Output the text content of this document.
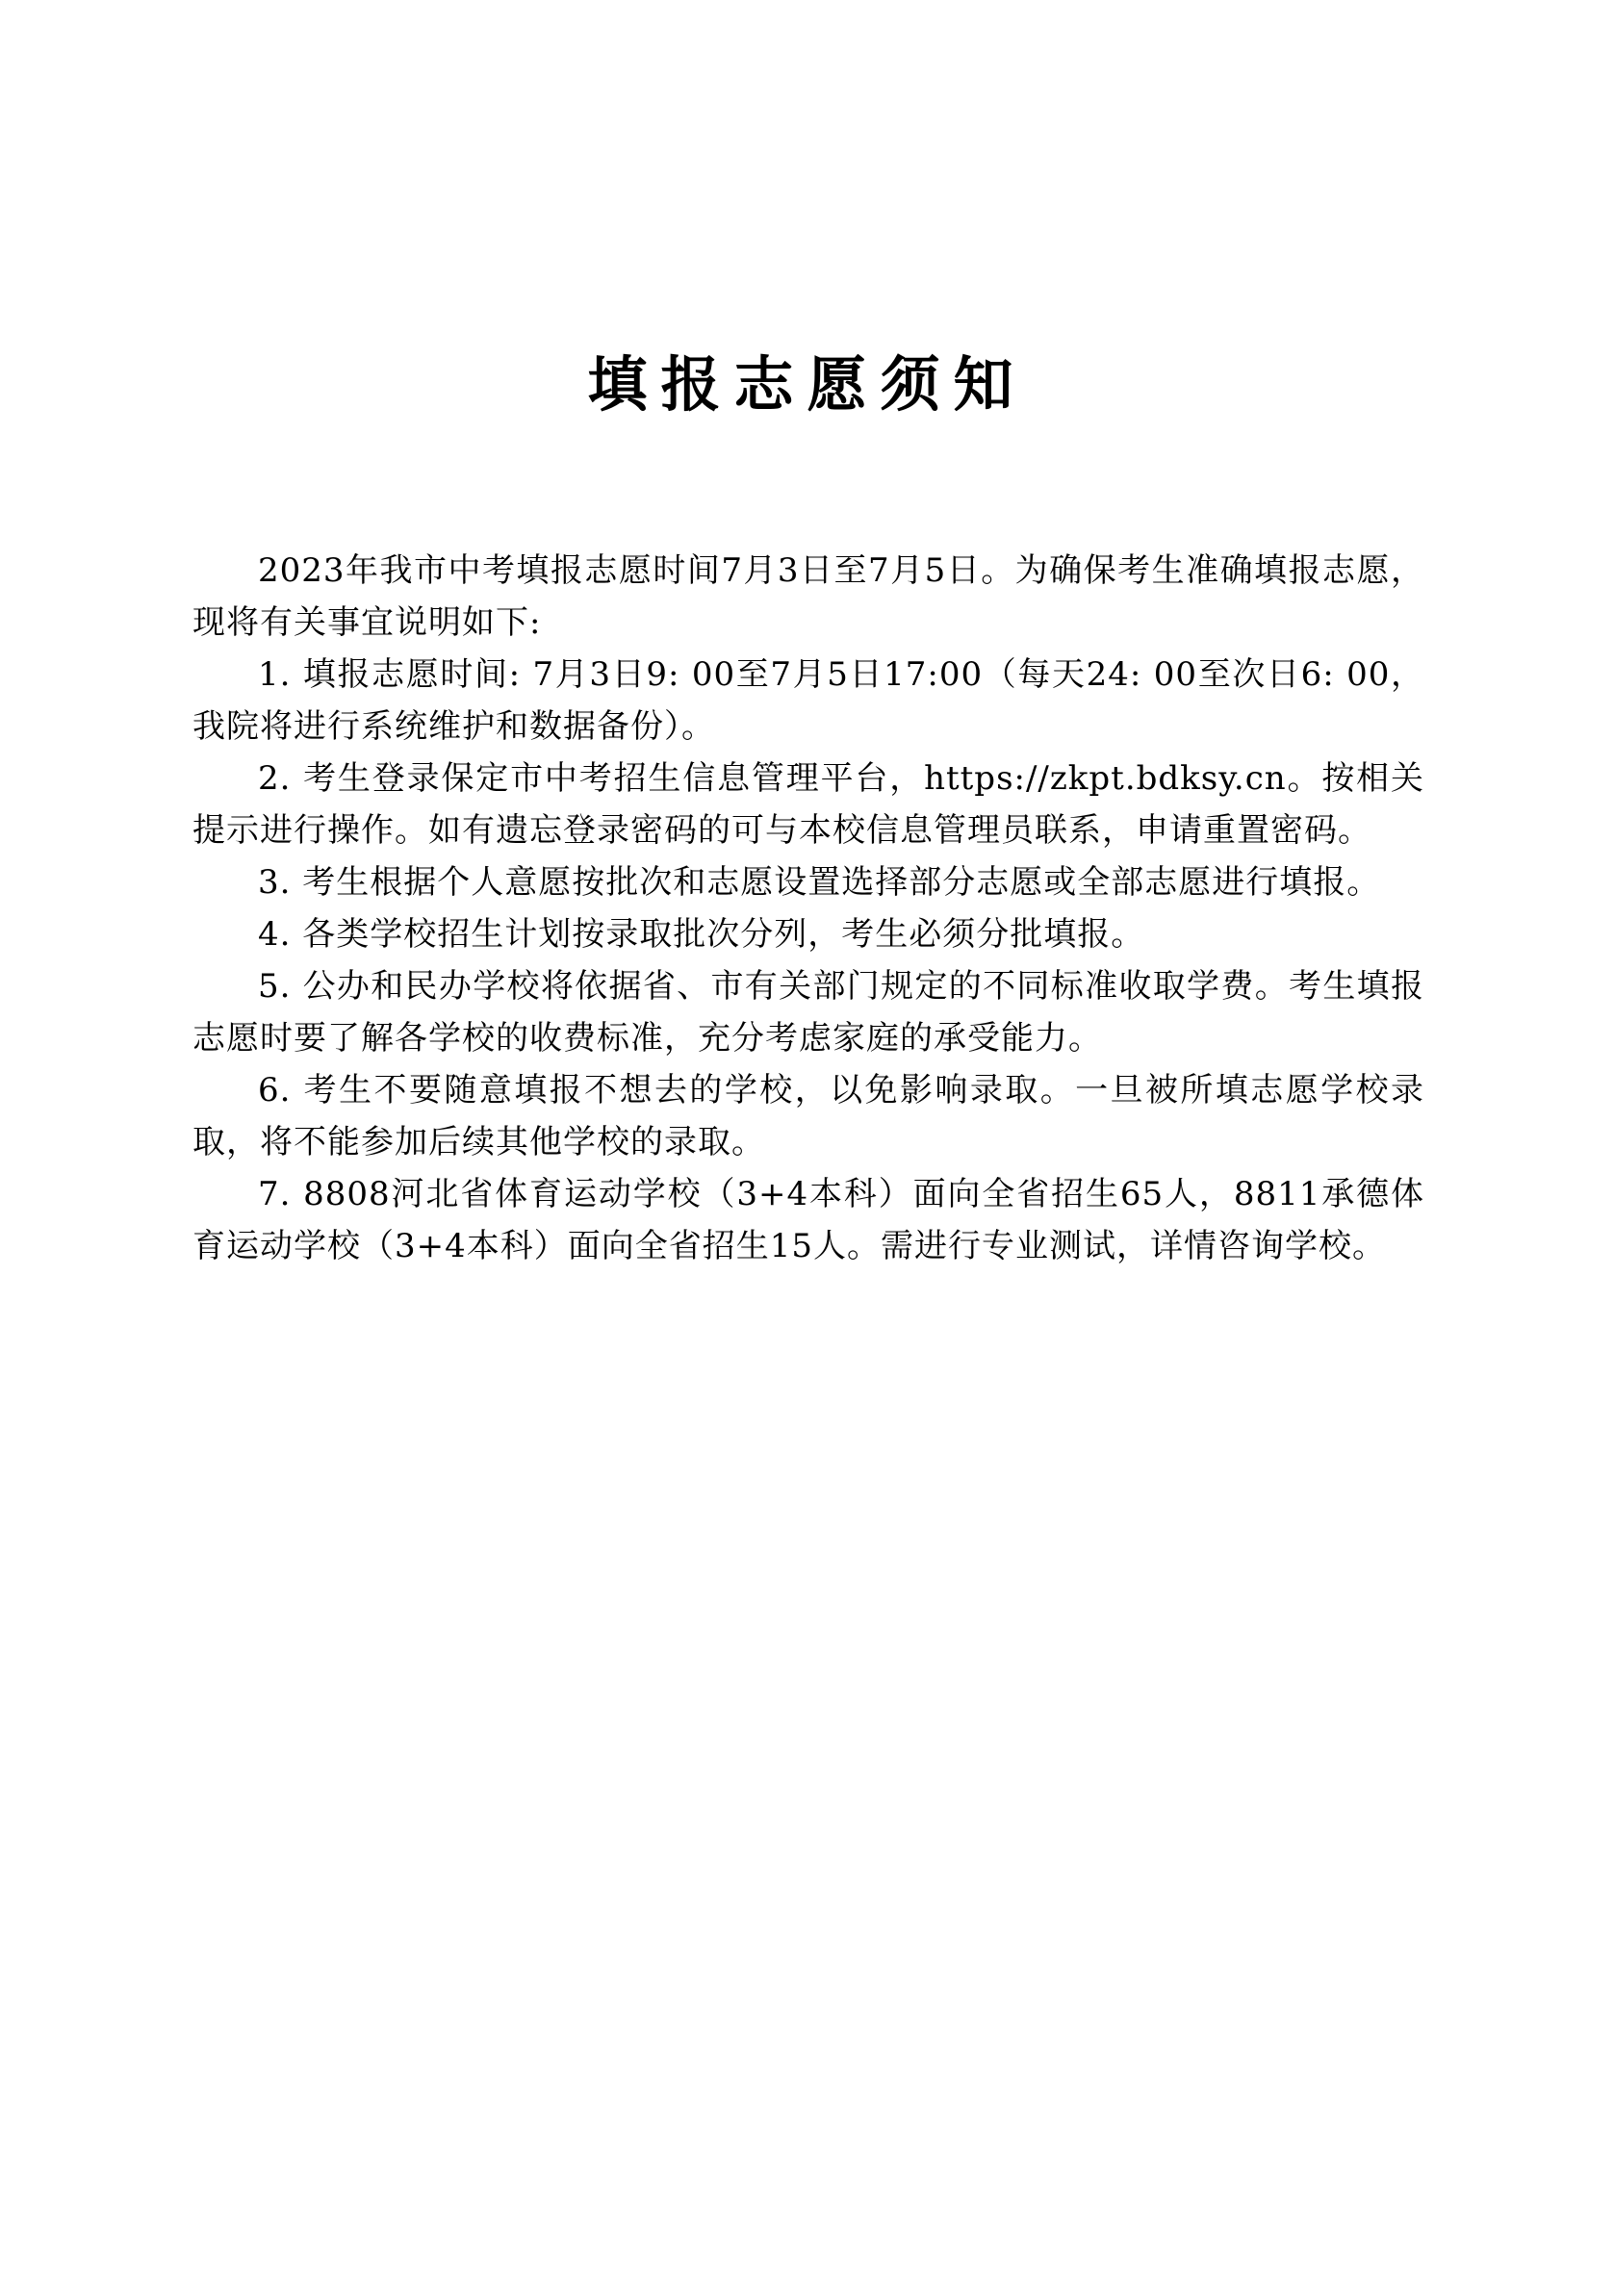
填报志愿须知

2023年我市中考填报志愿时间7月3日至7月5日。为确保考生准确填报志愿，现将有关事宜说明如下:

1. 填报志愿时间: 7月3日9: 00至7月5日17:00（每天24: 00至次日6: 00，我院将进行系统维护和数据备份）。

2. 考生登录保定市中考招生信息管理平台，https://zkpt.bdksy.cn。按相关提示进行操作。如有遗忘登录密码的可与本校信息管理员联系，申请重置密码。

3. 考生根据个人意愿按批次和志愿设置选择部分志愿或全部志愿进行填报。

4. 各类学校招生计划按录取批次分列，考生必须分批填报。

5. 公办和民办学校将依据省、市有关部门规定的不同标准收取学费。考生填报志愿时要了解各学校的收费标准，充分考虑家庭的承受能力。

6. 考生不要随意填报不想去的学校，以免影响录取。一旦被所填志愿学校录取，将不能参加后续其他学校的录取。

7. 8808河北省体育运动学校（3+4本科）面向全省招生65人，8811承德体育运动学校（3+4本科）面向全省招生15人。需进行专业测试，详情咨询学校。
